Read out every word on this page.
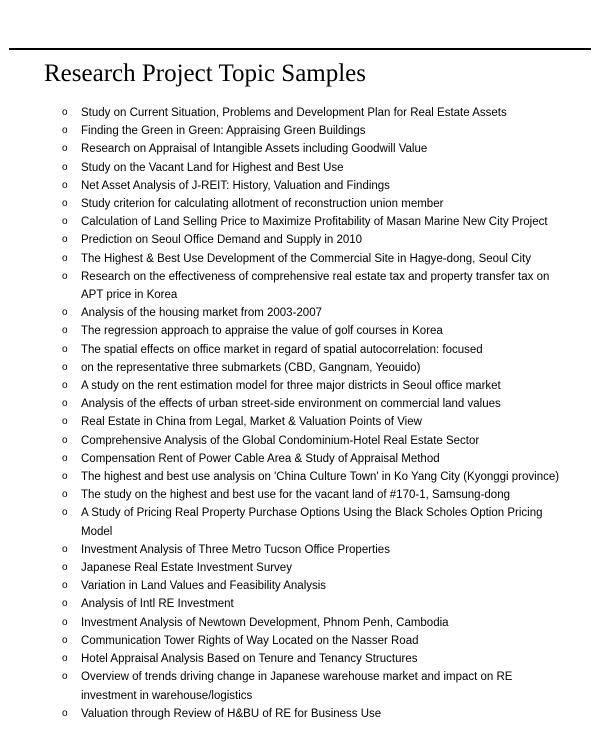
Research Project Topic Samples
o Study on Current Situation, Problems and Development Plan for Real Estate Assets
o Finding the Green in Green: Appraising Green Buildings
o Research on Appraisal of Intangible Assets including Goodwill Value
o Study on the Vacant Land for Highest and Best Use
o Net Asset Analysis of J-REIT: History, Valuation and Findings
o Study criterion for calculating allotment of reconstruction union member
o Calculation of Land Selling Price to Maximize Profitability of Masan Marine New City Project
o Prediction on Seoul Office Demand and Supply in 2010
o The Highest & Best Use Development of the Commercial Site in Hagye-dong, Seoul City
o Research on the effectiveness of comprehensive real estate tax and property transfer tax on APT price in Korea
o Analysis of the housing market from 2003-2007
o The regression approach to appraise the value of golf courses in Korea
o The spatial effects on office market in regard of spatial autocorrelation: focused
o on the representative three submarkets (CBD, Gangnam, Yeouido)
o A study on the rent estimation model for three major districts in Seoul office market
o Analysis of the effects of urban street-side environment on commercial land values
o Real Estate in China from Legal, Market & Valuation Points of View
o Comprehensive Analysis of the Global Condominium-Hotel Real Estate Sector
o Compensation Rent of Power Cable Area & Study of Appraisal Method
o The highest and best use analysis on 'China Culture Town' in Ko Yang City (Kyonggi province)
o The study on the highest and best use for the vacant land of #170-1, Samsung-dong
o A Study of Pricing Real Property Purchase Options Using the Black Scholes Option Pricing Model
o Investment Analysis of Three Metro Tucson Office Properties
o Japanese Real Estate Investment Survey
o Variation in Land Values and Feasibility Analysis
o Analysis of Intl RE Investment
o Investment Analysis of Newtown Development, Phnom Penh, Cambodia
o Communication Tower Rights of Way Located on the Nasser Road
o Hotel Appraisal Analysis Based on Tenure and Tenancy Structures
o Overview of trends driving change in Japanese warehouse market and impact on RE investment in warehouse/logistics
o Valuation through Review of H&BU of RE for Business Use
